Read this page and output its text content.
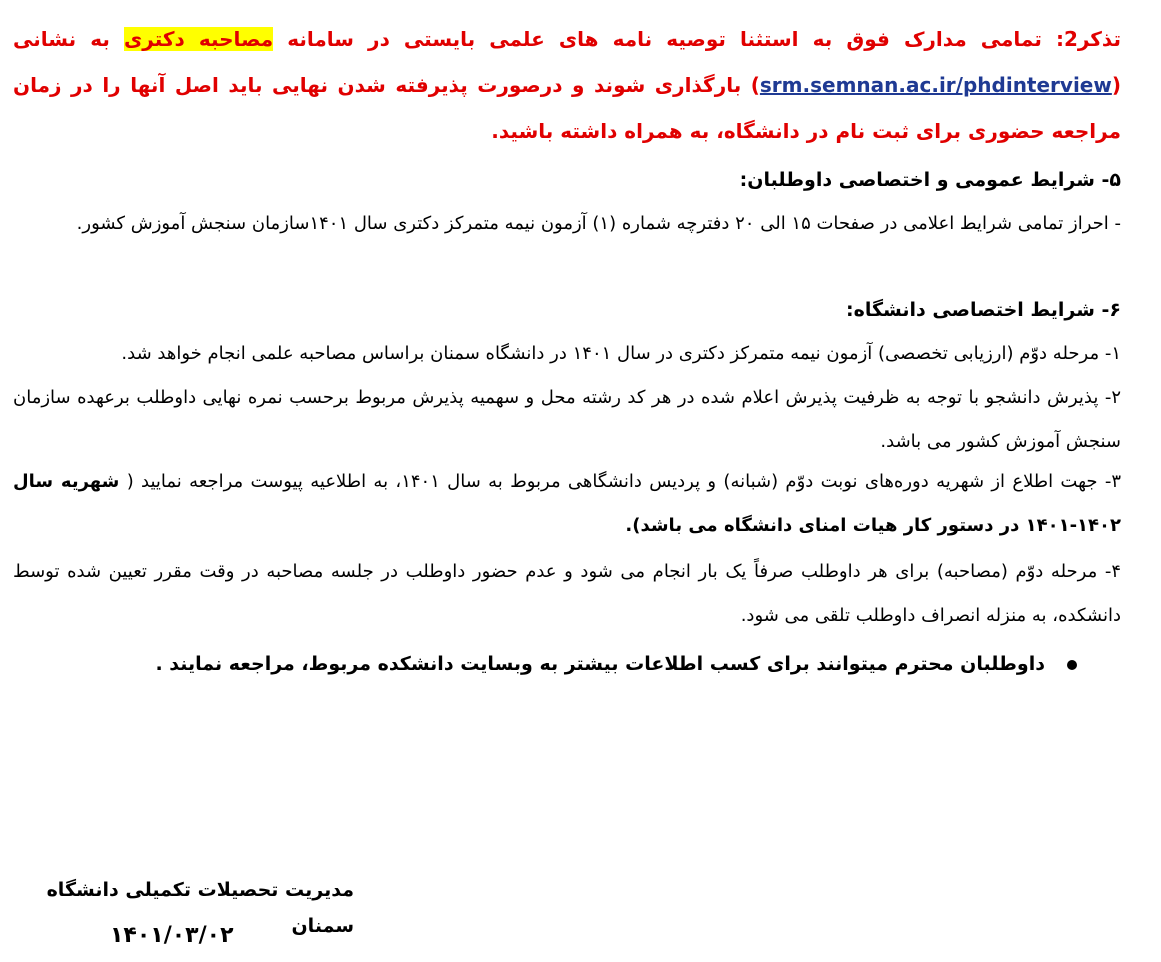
تذکر2: تمامی مدارک فوق به استثنا توصیه نامه های علمی بایستی در سامانه مصاحبه دکتری به نشانی (srm.semnan.ac.ir/phdinterview) بارگذاری شوند و درصورت پذیرفته شدن نهایی باید اصل آنها را در زمان مراجعه حضوری برای ثبت نام در دانشگاه، به همراه داشته باشید.

۵- شرایط عمومی و اختصاصی داوطلبان:

- احراز تمامی شرایط اعلامی در صفحات ۱۵ الی ۲۰ دفترچه شماره (۱) آزمون نیمه متمرکز دکتری سال ۱۴۰۱سازمان سنجش آموزش کشور.

۶- شرایط اختصاصی دانشگاه:

۱- مرحله دوّم (ارزیابی تخصصی) آزمون نیمه متمرکز دکتری در سال ۱۴۰۱ در دانشگاه سمنان براساس مصاحبه علمی انجام خواهد شد.

۲- پذیرش دانشجو با توجه به ظرفیت پذیرش اعلام شده در هر کد رشته محل و سهمیه پذیرش مربوط برحسب نمره نهایی داوطلب برعهده سازمان سنجش آموزش کشور می باشد.

۳- جهت اطلاع از شهریه دوره‌های نوبت دوّم (شبانه) و پردیس دانشگاهی مربوط به سال ۱۴۰۱، به اطلاعیه پیوست مراجعه نمایید ( شهریه سال ۱۴۰۲-۱۴۰۱ در دستور کار هیات امنای دانشگاه می باشد).

۴- مرحله دوّم (مصاحبه) برای هر داوطلب صرفاً یک بار انجام می شود و عدم حضور داوطلب در جلسه مصاحبه در وقت مقرر تعیین شده توسط دانشکده، به منزله انصراف داوطلب تلقی می شود.

داوطلبان محترم میتوانند برای کسب اطلاعات بیشتر به وبسایت دانشکده مربوط، مراجعه نمایند .
مدیریت تحصیلات تکمیلی دانشگاه سمنان
۱۴۰۱/۰۳/۰۲
